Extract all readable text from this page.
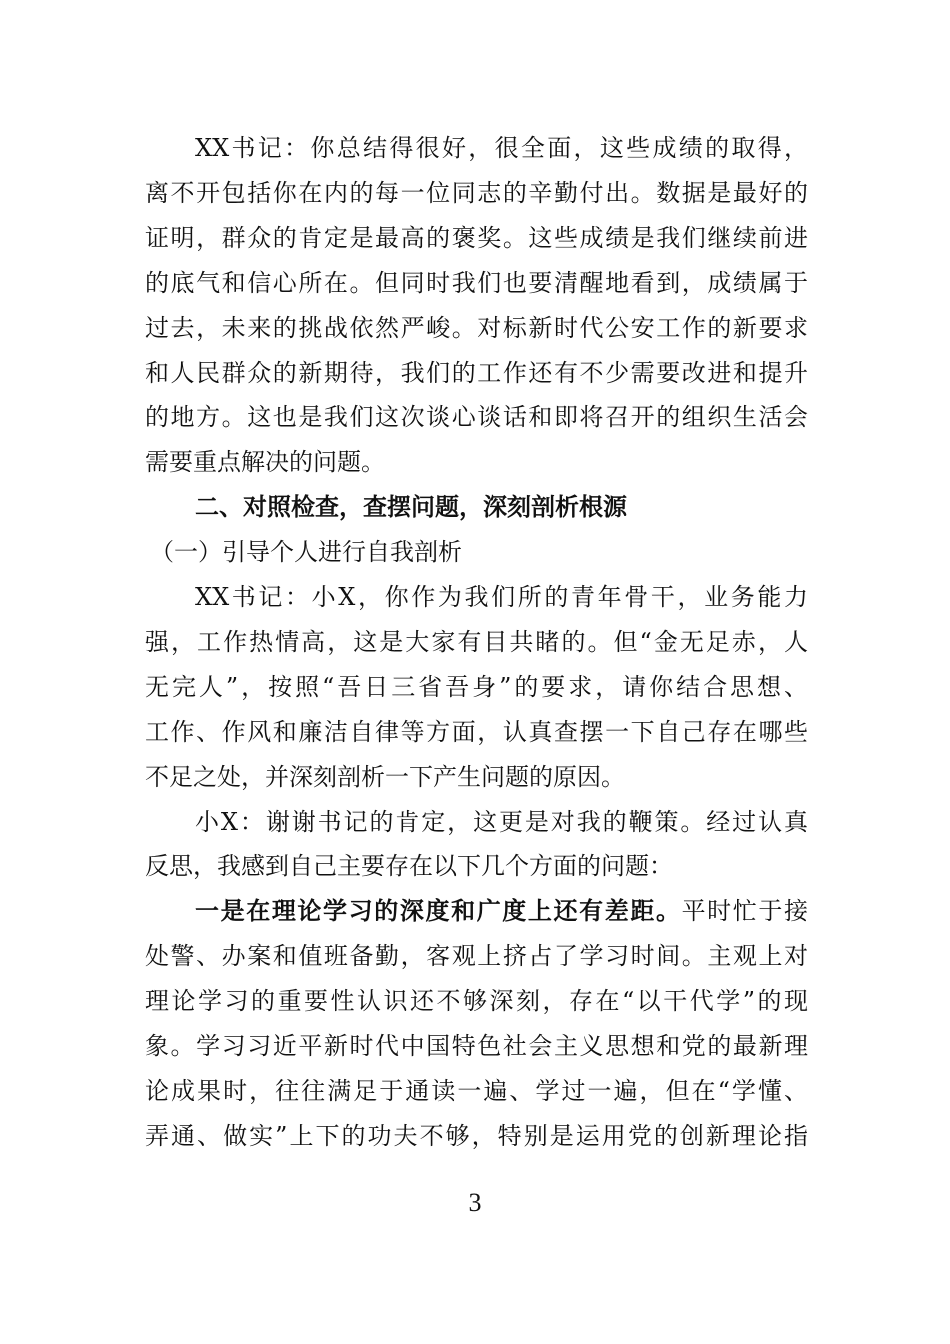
XX书记：你总结得很好，很全面，这些成绩的取得，
离不开包括你在内的每一位同志的辛勤付出。数据是最好的
证明，群众的肯定是最高的褒奖。这些成绩是我们继续前进
的底气和信心所在。但同时我们也要清醒地看到，成绩属于
过去，未来的挑战依然严峻。对标新时代公安工作的新要求
和人民群众的新期待，我们的工作还有不少需要改进和提升
的地方。这也是我们这次谈心谈话和即将召开的组织生活会
需要重点解决的问题。
二、对照检查，查摆问题，深刻剖析根源
（一）引导个人进行自我剖析
XX书记：小X，你作为我们所的青年骨干，业务能力
强，工作热情高，这是大家有目共睹的。但“金无足赤，人
无完人”，按照“吾日三省吾身”的要求，请你结合思想、
工作、作风和廉洁自律等方面，认真查摆一下自己存在哪些
不足之处，并深刻剖析一下产生问题的原因。
小X：谢谢书记的肯定，这更是对我的鞭策。经过认真
反思，我感到自己主要存在以下几个方面的问题：
一是在理论学习的深度和广度上还有差距。平时忙于接
处警、办案和值班备勤，客观上挤占了学习时间。主观上对
理论学习的重要性认识还不够深刻，存在“以干代学”的现
象。学习习近平新时代中国特色社会主义思想和党的最新理
论成果时，往往满足于通读一遍、学过一遍，但在“学懂、
弄通、做实”上下的功夫不够，特别是运用党的创新理论指
3
